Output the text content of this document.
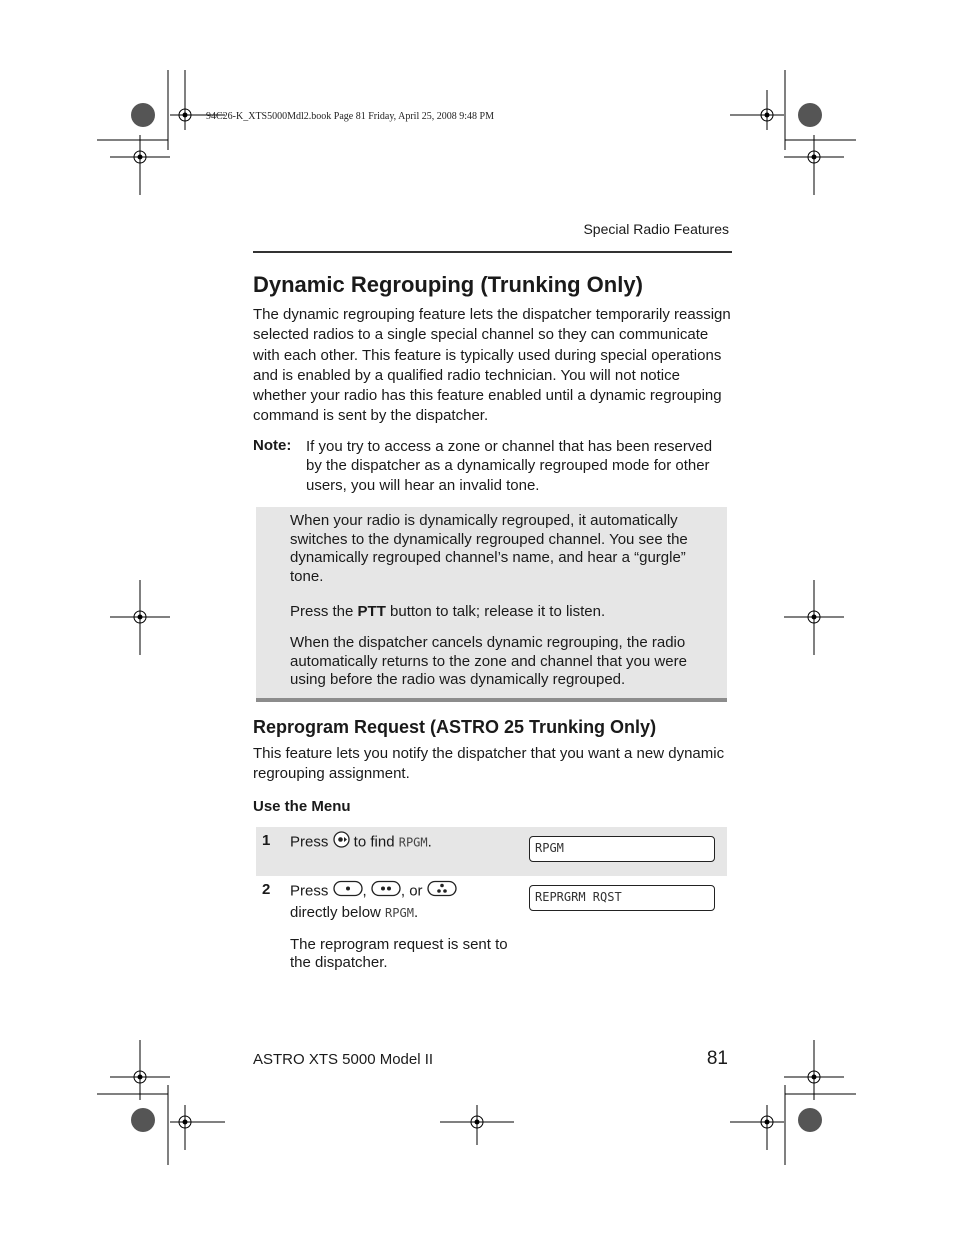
94C26-K_XTS5000Mdl2.book Page 81 Friday, April 25, 2008 9:48 PM
Special Radio Features
Dynamic Regrouping (Trunking Only)
The dynamic regrouping feature lets the dispatcher temporarily reassign selected radios to a single special channel so they can communicate with each other. This feature is typically used during special operations and is enabled by a qualified radio technician. You will not notice whether your radio has this feature enabled until a dynamic regrouping command is sent by the dispatcher.
Note: If you try to access a zone or channel that has been reserved by the dispatcher as a dynamically regrouped mode for other users, you will hear an invalid tone.
When your radio is dynamically regrouped, it automatically switches to the dynamically regrouped channel. You see the dynamically regrouped channel’s name, and hear a “gurgle” tone.
Press the PTT button to talk; release it to listen.
When the dispatcher cancels dynamic regrouping, the radio automatically returns to the zone and channel that you were using before the radio was dynamically regrouped.
Reprogram Request (ASTRO 25 Trunking Only)
This feature lets you notify the dispatcher that you want a new dynamic regrouping assignment.
Use the Menu
1 Press  to find RPGM.	RPGM
2 Press , , or
directly below RPGM.
The reprogram request is sent to the dispatcher.
REPRGRM RQST
ASTRO XTS 5000 Model II	81
